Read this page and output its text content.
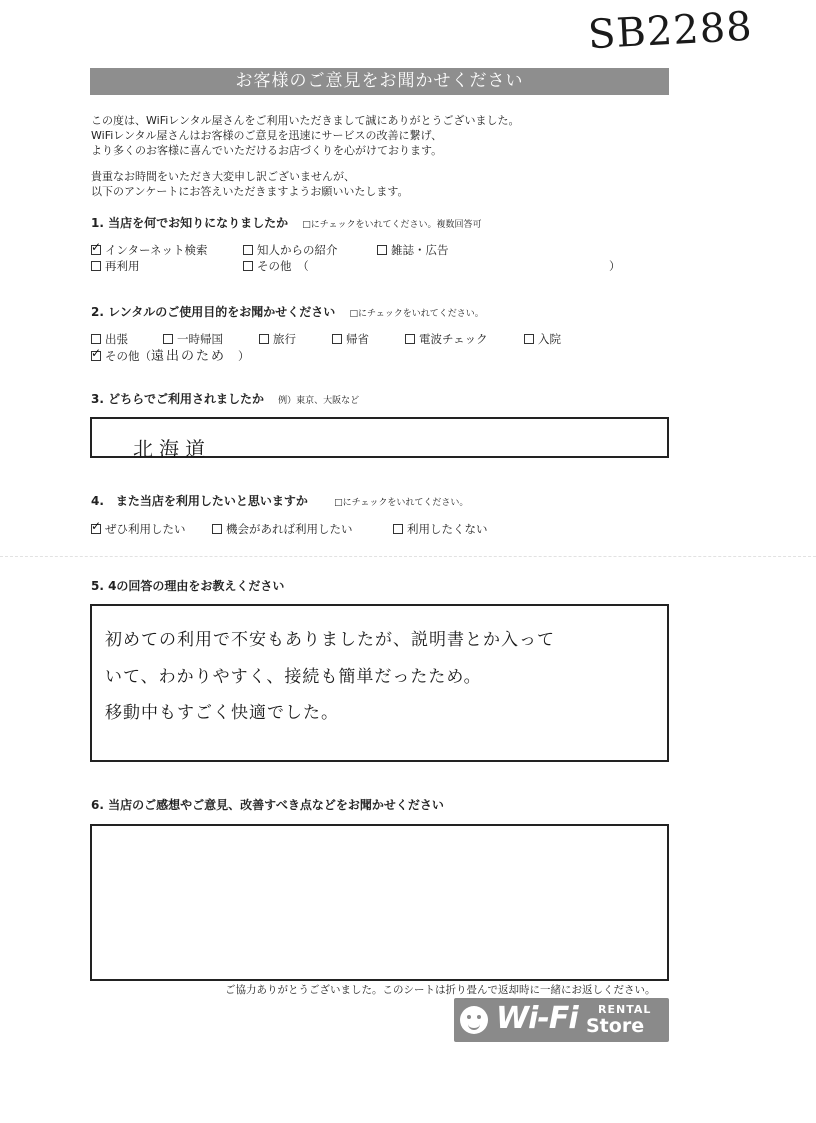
SB2288
お客様のご意見をお聞かせください
この度は、WiFiレンタル屋さんをご利用いただきまして誠にありがとうございました。
WiFiレンタル屋さんはお客様のご意見を迅速にサービスの改善に繋げ、
より多くのお客様に喜んでいただけるお店づくりを心がけております。
貴重なお時間をいただき大変申し訳ございませんが、
以下のアンケートにお答えいただきますようお願いいたします。
1. 当店を何でお知りになりましたか □にチェックをいれてください。複数回答可
✓インターネット検索	知人からの紹介	雑誌・広告
再利用	その他　（	）
2. レンタルのご使用目的をお聞かせください □にチェックをいれてください。
出張	一時帰国	旅行	帰省	電波チェック	入院
✓その他（遠出のため ）
3. どちらでご利用されましたか 例）東京、大阪など
北海道
4.　また当店を利用したいと思いますか	□にチェックをいれてください。
✓ぜひ利用したい	機会があれば利用したい	利用したくない
5. 4の回答の理由をお教えください
初めての利用で不安もありましたが、説明書とか入って
いて、わかりやすく、接続も簡単だったため。
移動中もすごく快適でした。
6. 当店のご感想やご意見、改善すべき点などをお聞かせください
ご協力ありがとうございました。このシートは折り畳んで返却時に一緒にお返しください。
Wi-Fi RENTAL
Store
